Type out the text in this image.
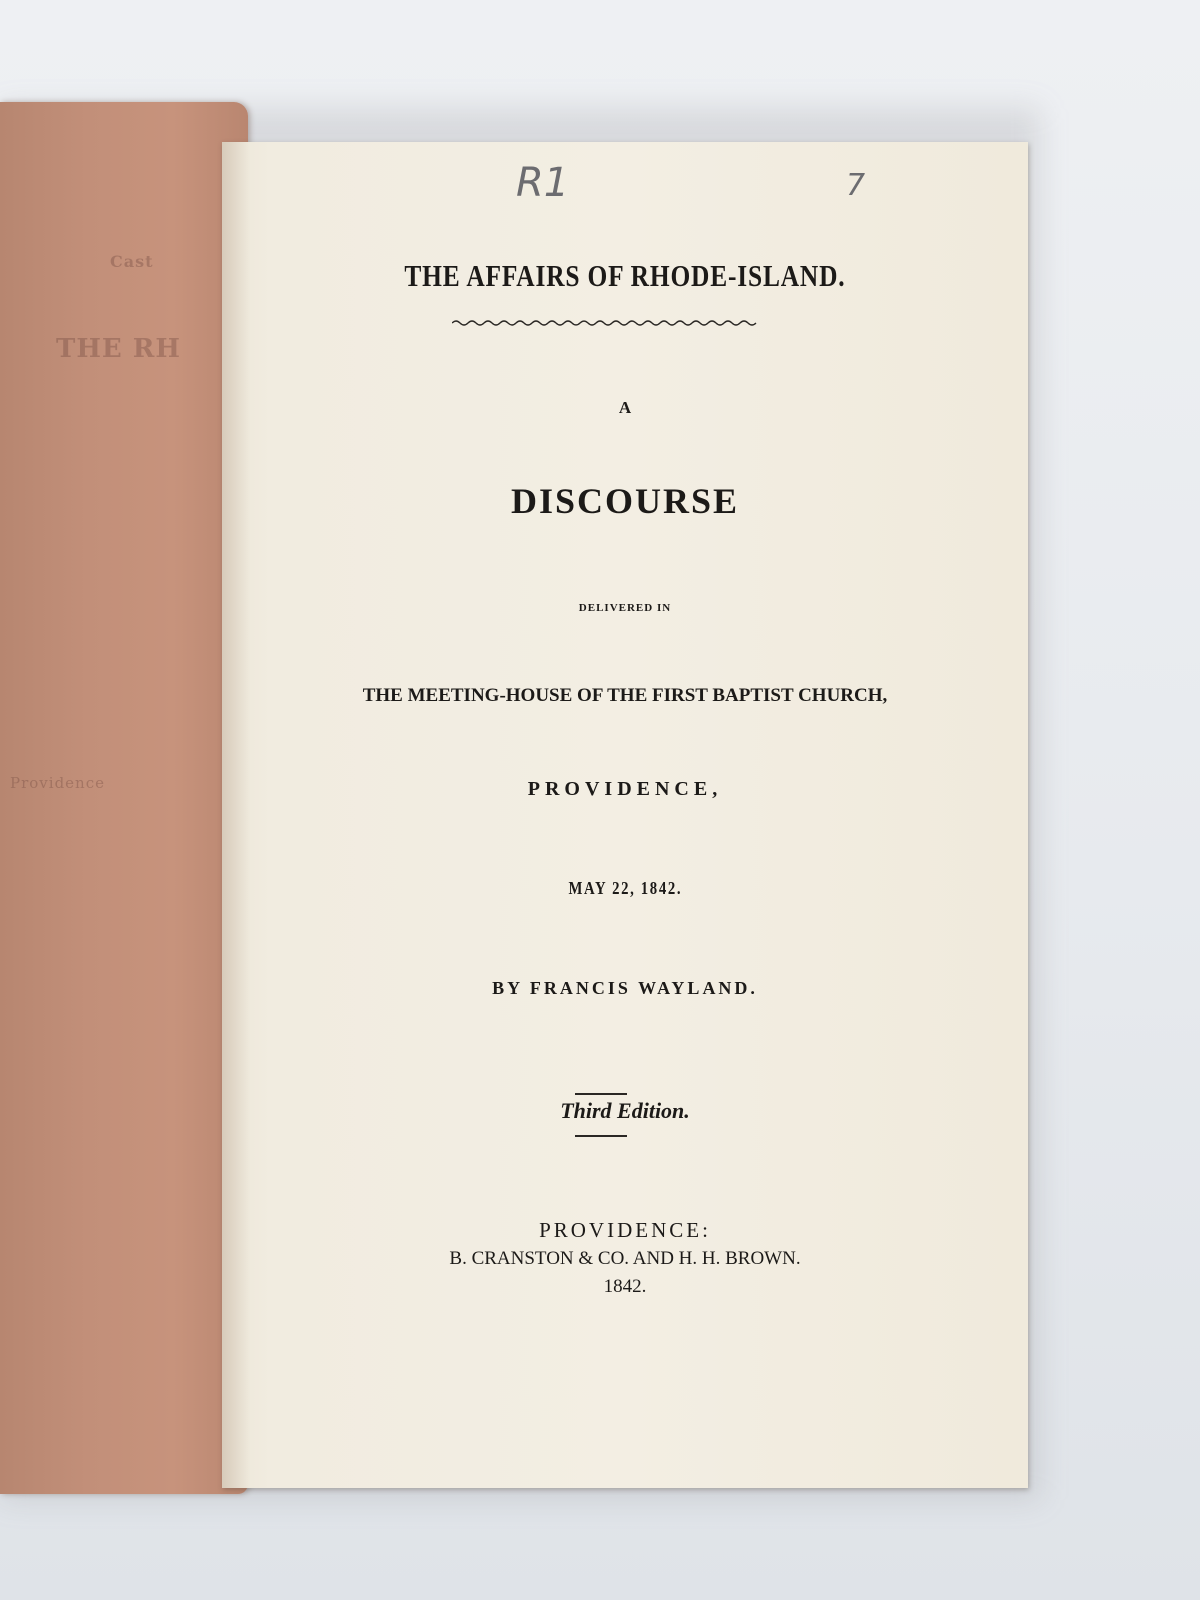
Cast
THE RH
Providence
R1	7
THE AFFAIRS OF RHODE-ISLAND.
A
DISCOURSE
DELIVERED IN
THE MEETING-HOUSE OF THE FIRST BAPTIST CHURCH,
PROVIDENCE,
MAY 22, 1842.
BY FRANCIS WAYLAND.
Third Edition.
PROVIDENCE:
B. CRANSTON & CO. AND H. H. BROWN.
1842.
